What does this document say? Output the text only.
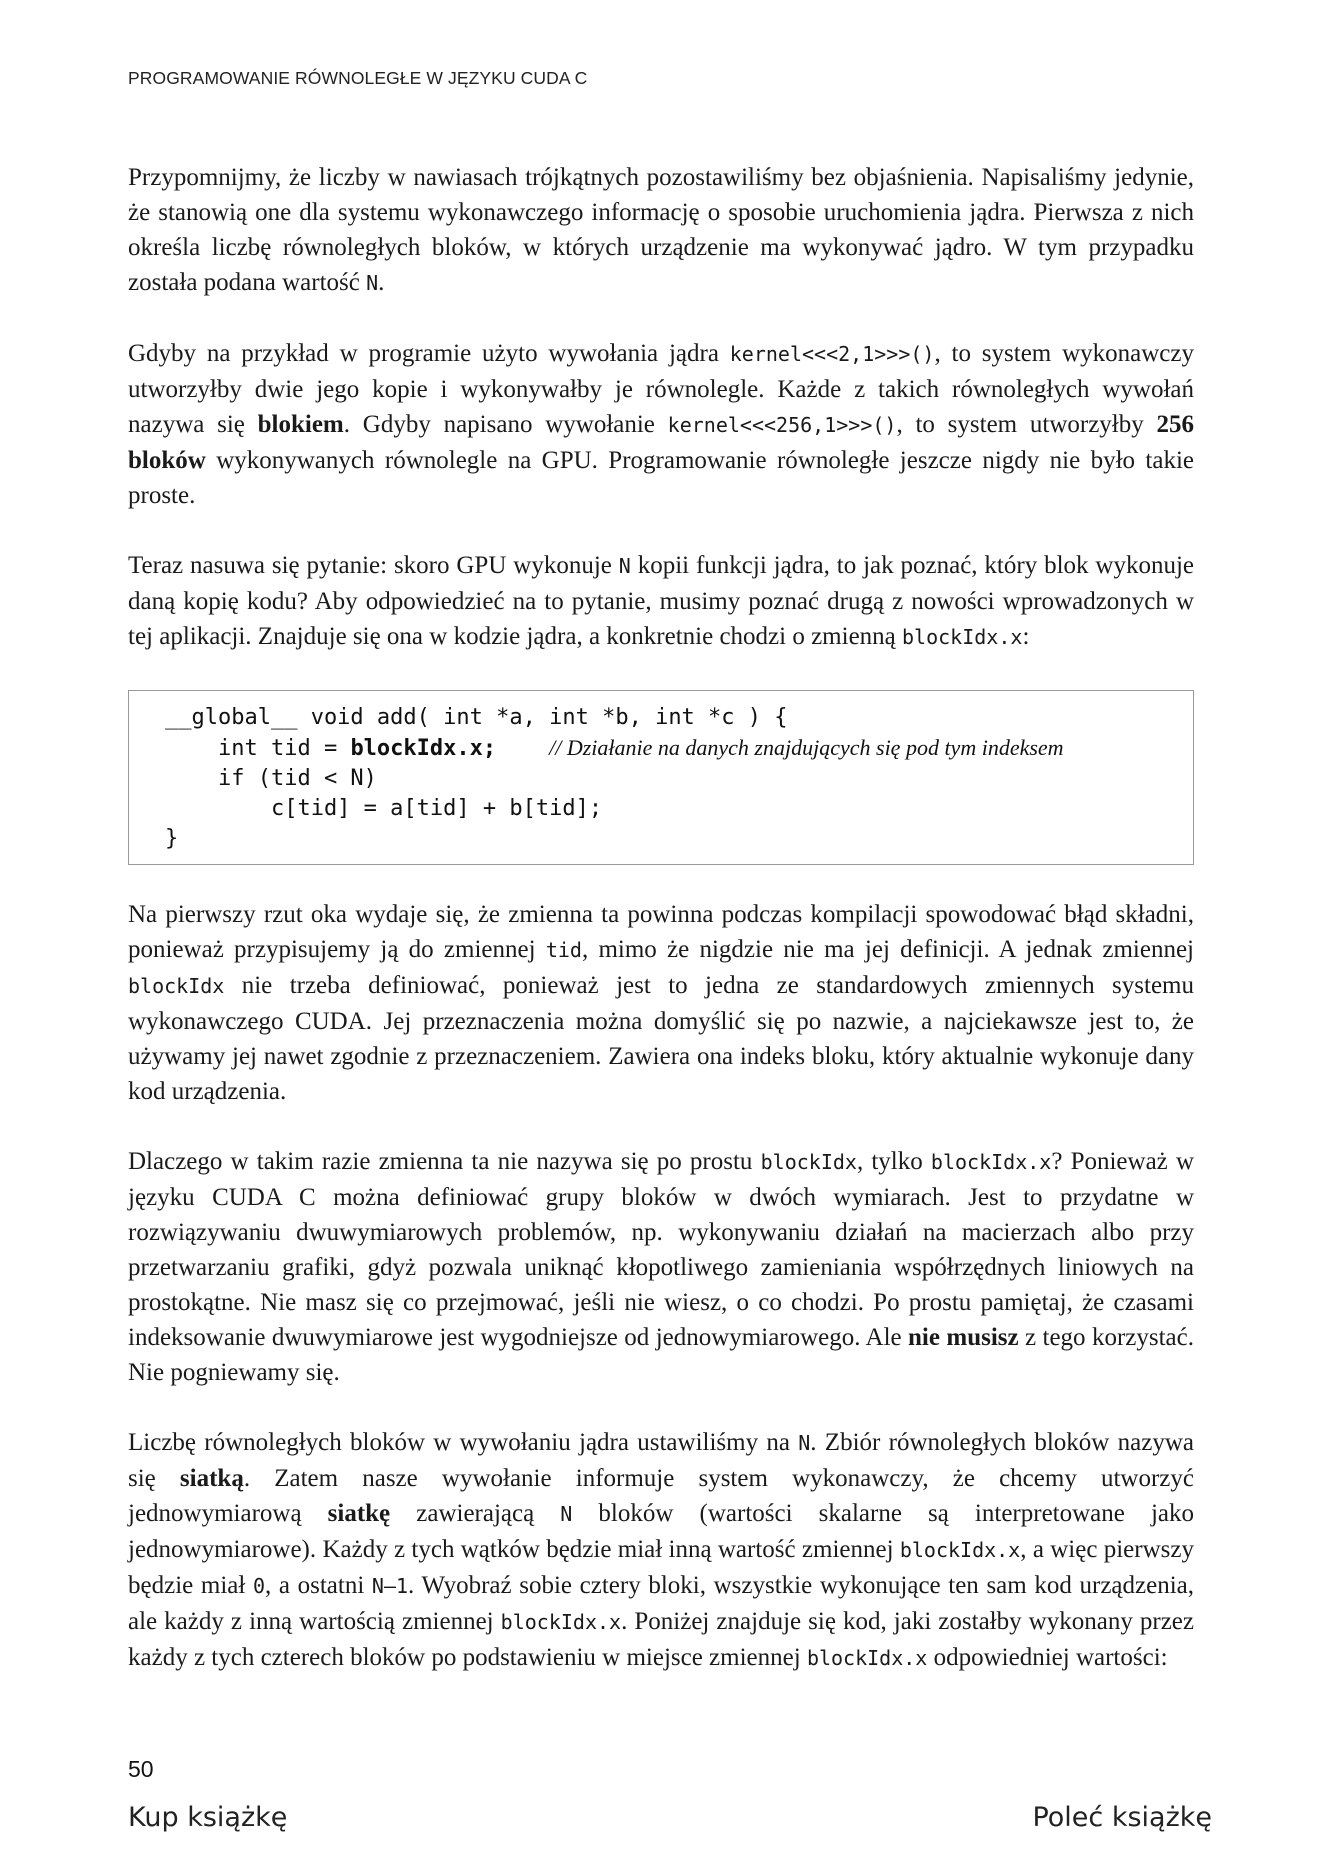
PROGRAMOWANIE RÓWNOLEGŁE W JĘZYKU CUDA C

Przypomnijmy, że liczby w nawiasach trójkątnych pozostawiliśmy bez objaśnienia. Napisaliśmy jedynie, że stanowią one dla systemu wykonawczego informację o sposobie uruchomienia jądra. Pierwsza z nich określa liczbę równoległych bloków, w których urządzenie ma wykonywać jądro. W tym przypadku została podana wartość N.

Gdyby na przykład w programie użyto wywołania jądra kernel<<<2,1>>>(), to system wykonawczy utworzyłby dwie jego kopie i wykonywałby je równolegle. Każde z takich równoległych wywołań nazywa się blokiem. Gdyby napisano wywołanie kernel<<<256,1>>>(), to system utworzyłby 256 bloków wykonywanych równolegle na GPU. Programowanie równoległe jeszcze nigdy nie było takie proste.

Teraz nasuwa się pytanie: skoro GPU wykonuje N kopii funkcji jądra, to jak poznać, który blok wykonuje daną kopię kodu? Aby odpowiedzieć na to pytanie, musimy poznać drugą z nowości wprowadzonych w tej aplikacji. Znajduje się ona w kodzie jądra, a konkretnie chodzi o zmienną blockIdx.x:

__global__ void add( int *a, int *b, int *c ) {
int tid = blockIdx.x; // Działanie na danych znajdujących się pod tym indeksem
if (tid < N)
c[tid] = a[tid] + b[tid];
}

Na pierwszy rzut oka wydaje się, że zmienna ta powinna podczas kompilacji spowodować błąd składni, ponieważ przypisujemy ją do zmiennej tid, mimo że nigdzie nie ma jej definicji. A jednak zmiennej blockIdx nie trzeba definiować, ponieważ jest to jedna ze standardowych zmiennych systemu wykonawczego CUDA. Jej przeznaczenia można domyślić się po nazwie, a najciekawsze jest to, że używamy jej nawet zgodnie z przeznaczeniem. Zawiera ona indeks bloku, który aktualnie wykonuje dany kod urządzenia.

Dlaczego w takim razie zmienna ta nie nazywa się po prostu blockIdx, tylko blockIdx.x? Ponieważ w języku CUDA C można definiować grupy bloków w dwóch wymiarach. Jest to przydatne w rozwiązywaniu dwuwymiarowych problemów, np. wykonywaniu działań na macierzach albo przy przetwarzaniu grafiki, gdyż pozwala uniknąć kłopotliwego zamieniania współrzędnych liniowych na prostokątne. Nie masz się co przejmować, jeśli nie wiesz, o co chodzi. Po prostu pamiętaj, że czasami indeksowanie dwuwymiarowe jest wygodniejsze od jednowymiarowego. Ale nie musisz z tego korzystać. Nie pogniewamy się.

Liczbę równoległych bloków w wywołaniu jądra ustawiliśmy na N. Zbiór równoległych bloków nazywa się siatką. Zatem nasze wywołanie informuje system wykonawczy, że chcemy utworzyć jednowymiarową siatkę zawierającą N bloków (wartości skalarne są interpretowane jako jednowymiarowe). Każdy z tych wątków będzie miał inną wartość zmiennej blockIdx.x, a więc pierwszy będzie miał 0, a ostatni N–1. Wyobraź sobie cztery bloki, wszystkie wykonujące ten sam kod urządzenia, ale każdy z inną wartością zmiennej blockIdx.x. Poniżej znajduje się kod, jaki zostałby wykonany przez każdy z tych czterech bloków po podstawieniu w miejsce zmiennej blockIdx.x odpowiedniej wartości:

50
Kup książkę	Poleć książkę
